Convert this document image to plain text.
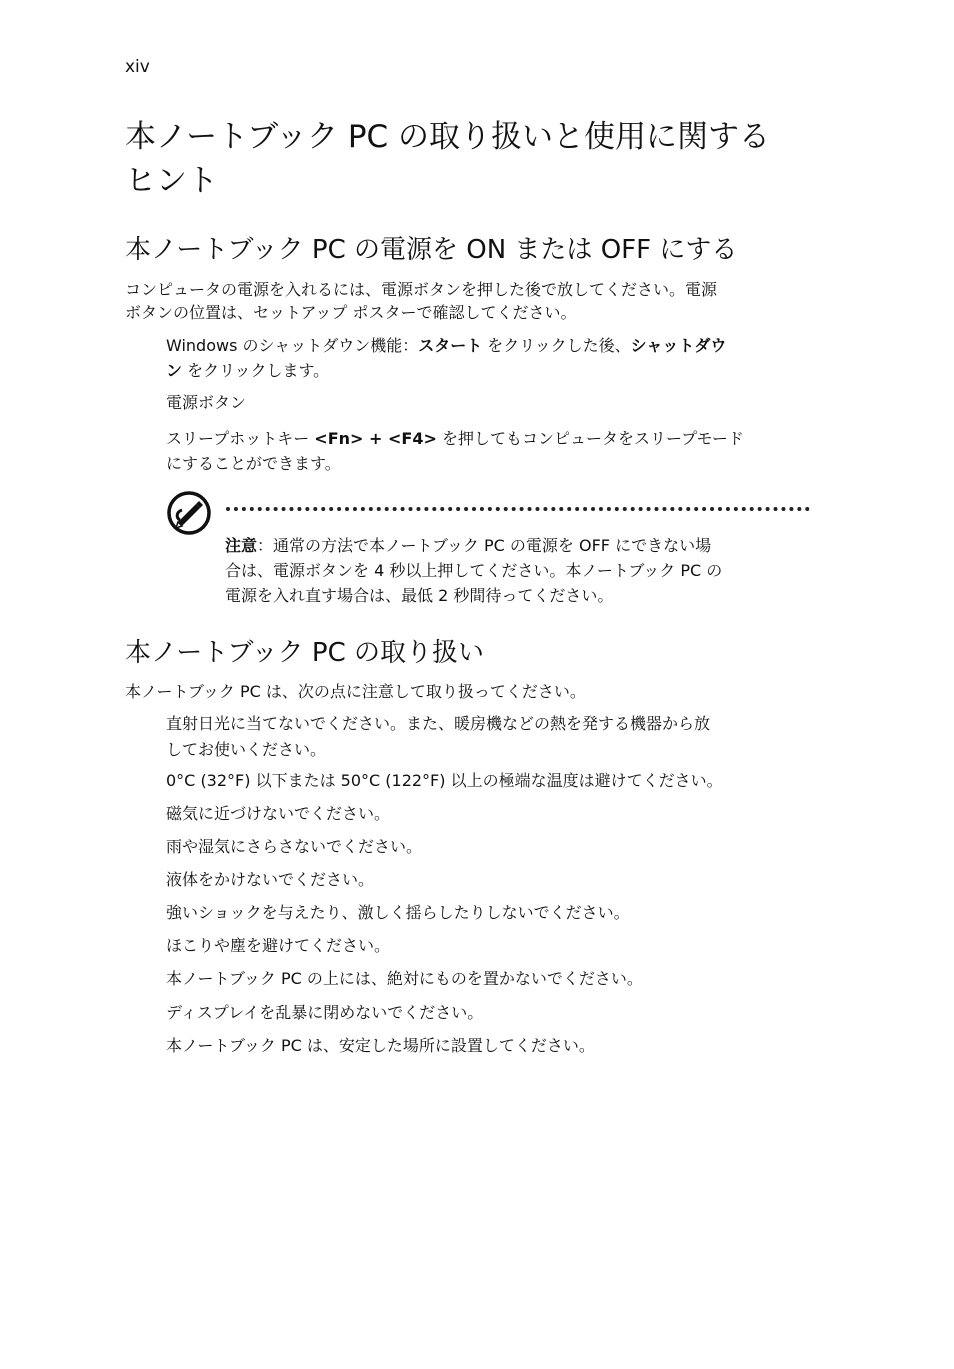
xiv
本ノートブック PC の取り扱いと使用に関する
ヒント
本ノートブック PC の電源を ON または OFF にする
コンピュータの電源を入れるには、電源ボタンを押した後で放してください。電源
ボタンの位置は、セットアップ ポスターで確認してください。
Windows のシャットダウン機能：スタート をクリックした後、シャットダウ
ン をクリックします。
電源ボタン
スリープホットキー <Fn> + <F4> を押してもコンピュータをスリープモード
にすることができます。
注意：通常の方法で本ノートブック PC の電源を OFF にできない場
合は、電源ボタンを 4 秒以上押してください。本ノートブック PC の
電源を入れ直す場合は、最低 2 秒間待ってください。
本ノートブック PC の取り扱い
本ノートブック PC は、次の点に注意して取り扱ってください。
直射日光に当てないでください。また、暖房機などの熱を発する機器から放
してお使いください。
0°C (32°F) 以下または 50°C (122°F) 以上の極端な温度は避けてください。
磁気に近づけないでください。
雨や湿気にさらさないでください。
液体をかけないでください。
強いショックを与えたり、激しく揺らしたりしないでください。
ほこりや塵を避けてください。
本ノートブック PC の上には、絶対にものを置かないでください。
ディスプレイを乱暴に閉めないでください。
本ノートブック PC は、安定した場所に設置してください。
